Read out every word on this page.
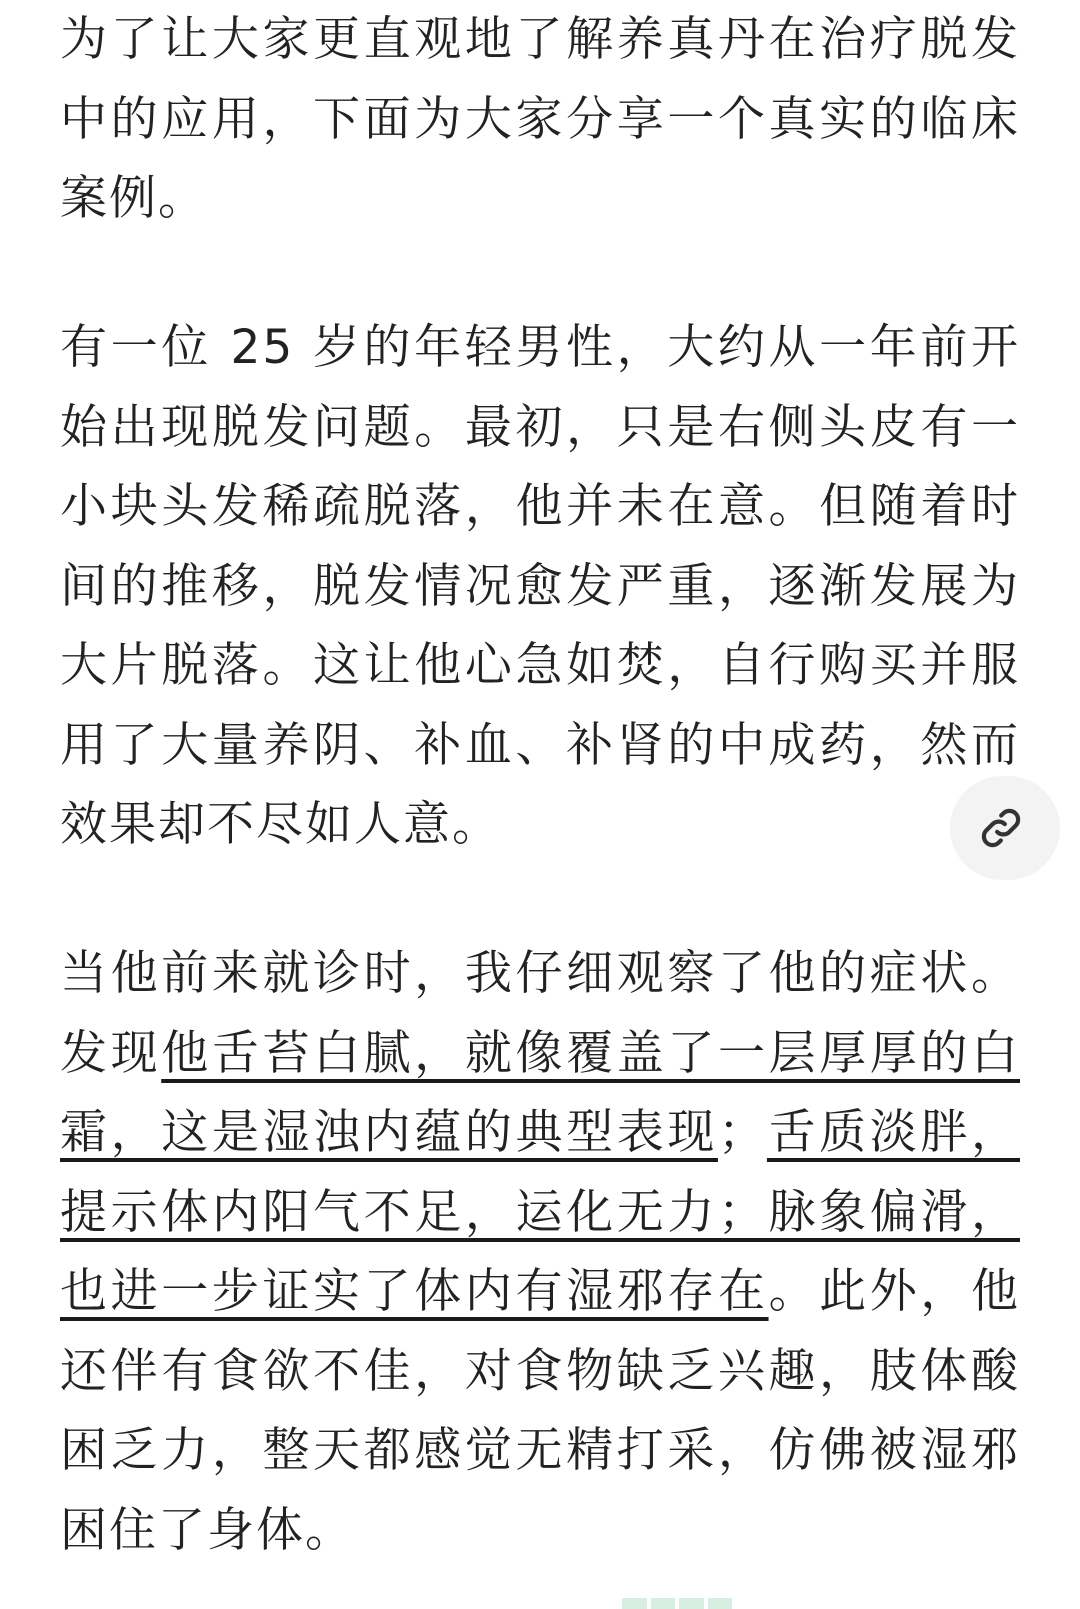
为了让大家更直观地了解养真丹在治疗脱发中的应用，下面为大家分享一个真实的临床案例。

有一位 25 岁的年轻男性，大约从一年前开始出现脱发问题。最初，只是右侧头皮有一小块头发稀疏脱落，他并未在意。但随着时间的推移，脱发情况愈发严重，逐渐发展为大片脱落。这让他心急如焚，自行购买并服用了大量养阴、补血、补肾的中成药，然而效果却不尽如人意。

当他前来就诊时，我仔细观察了他的症状。发现他舌苔白腻，就像覆盖了一层厚厚的白霜，这是湿浊内蕴的典型表现；舌质淡胖，提示体内阳气不足，运化无力；脉象偏滑，也进一步证实了体内有湿邪存在。此外，他还伴有食欲不佳，对食物缺乏兴趣，肢体酸困乏力，整天都感觉无精打采，仿佛被湿邪困住了身体。
